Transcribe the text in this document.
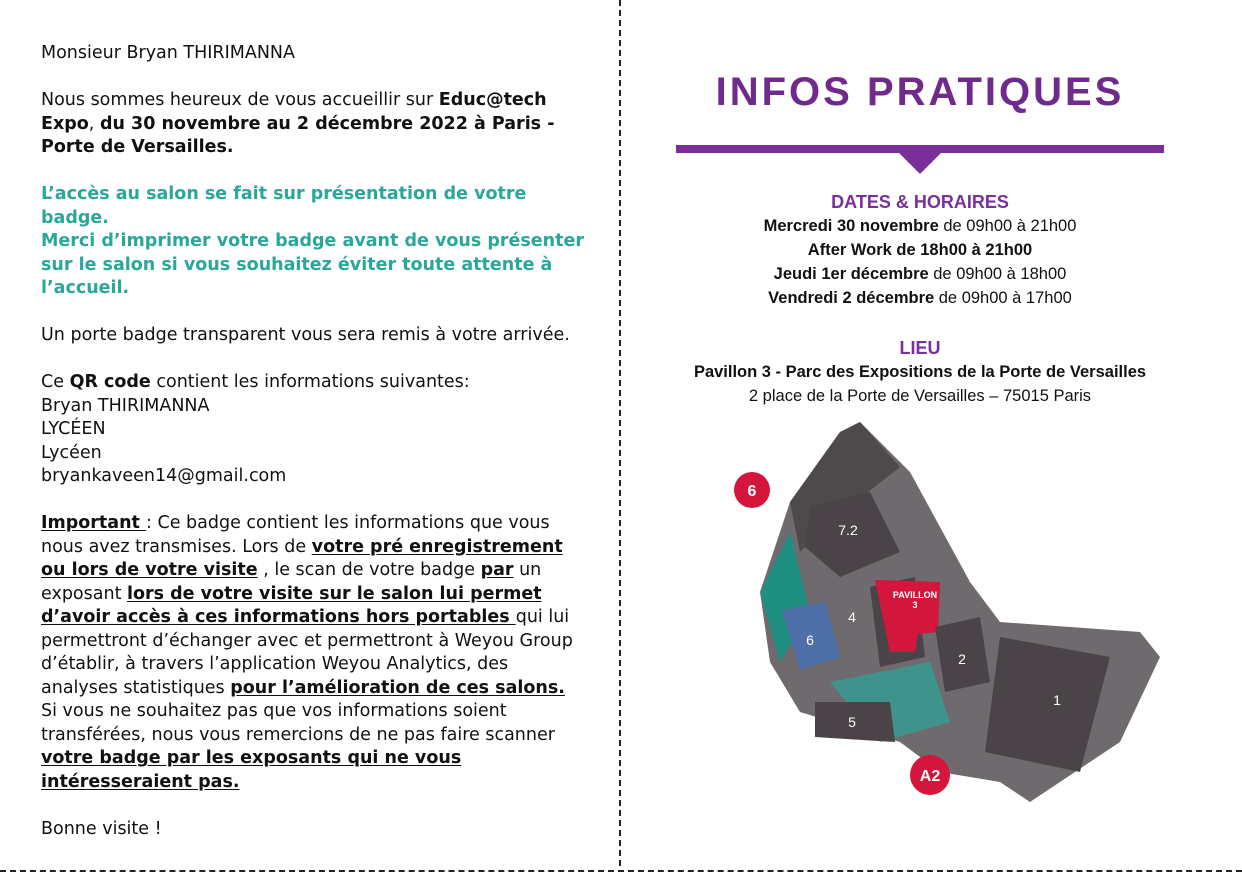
Monsieur Bryan THIRIMANNA

Nous sommes heureux de vous accueillir sur Educ@tech Expo, du 30 novembre au 2 décembre 2022 à Paris - Porte de Versailles.

L’accès au salon se fait sur présentation de votre badge.

Merci d’imprimer votre badge avant de vous présenter sur le salon si vous souhaitez éviter toute attente à l’accueil.

Un porte badge transparent vous sera remis à votre arrivée.

Ce QR code contient les informations suivantes:

Bryan THIRIMANNA

LYCÉEN

Lycéen

bryankaveen14@gmail.com

Important : Ce badge contient les informations que vous nous avez transmises. Lors de votre pré enregistrement ou lors de votre visite , le scan de votre badge par un exposant lors de votre visite sur le salon lui permet d’avoir accès à ces informations hors portables qui lui permettront d’échanger avec et permettront à Weyou Group d’établir, à travers l’application Weyou Analytics, des analyses statistiques pour l’amélioration de ces salons. Si vous ne souhaitez pas que vos informations soient transférées, nous vous remercions de ne pas faire scanner votre badge par les exposants qui ne vous intéresseraient pas.

Bonne visite !

INFOS PRATIQUES
DATES & HORAIRES
Mercredi 30 novembre de 09h00 à 21h00
After Work de 18h00 à 21h00
Jeudi 1er décembre de 09h00 à 18h00
Vendredi 2 décembre de 09h00 à 17h00
LIEU
Pavillon 3 - Parc des Expositions de la Porte de Versailles
2 place de la Porte de Versailles – 75015 Paris
7.2
4
6
PAVILLON
3
2
5
1
6
A2
